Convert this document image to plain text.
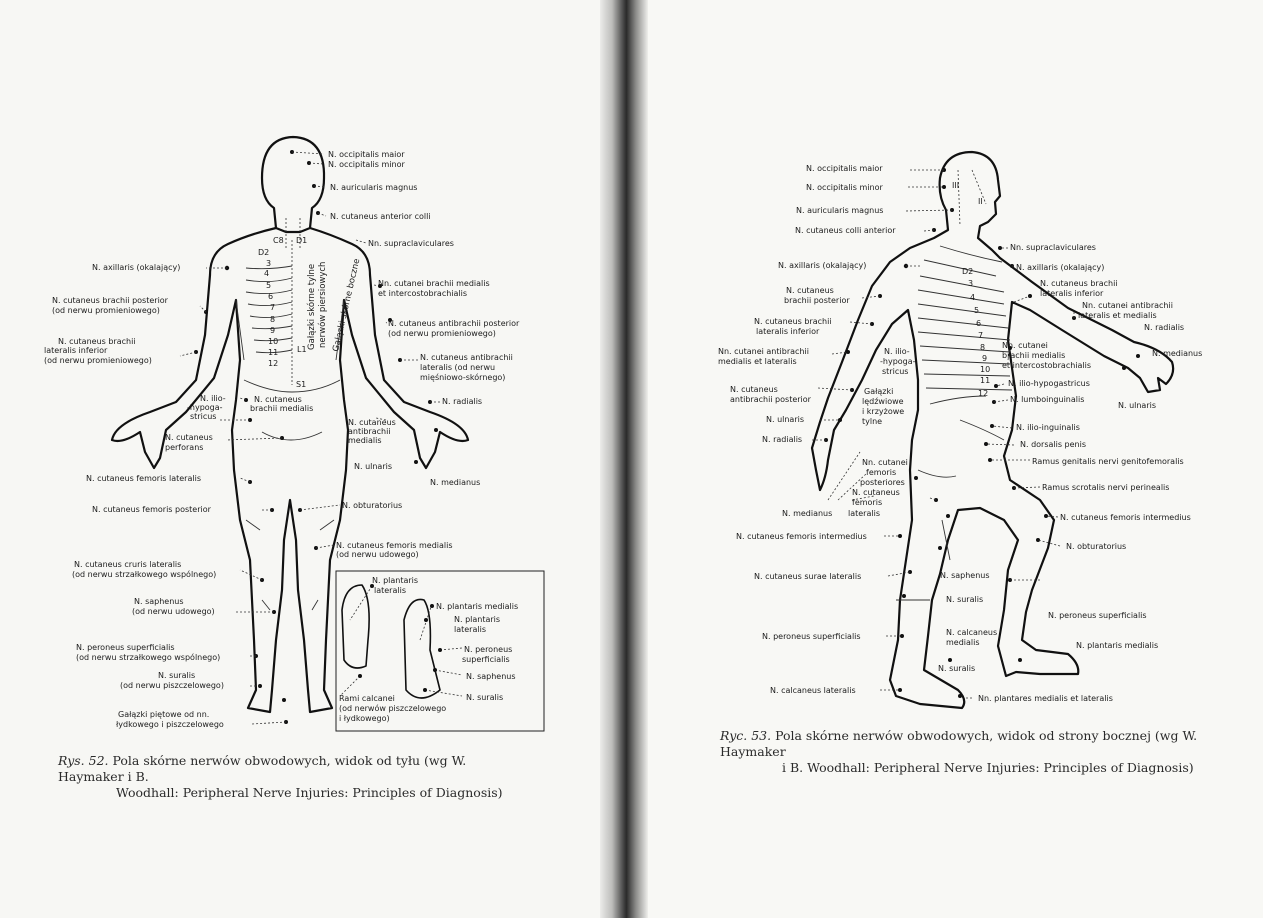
C8 D1
D2
3
4
5
6
7
8
9
10
11
12
L1
S1
Gałązki skórne tylne nerwów piersiowych Gałązki skórne boczne
N. occipitalis maior
N. occipitalis minor
N. auricularis magnus
N. cutaneus anterior colli
Nn. supraclaviculares
Nn. cutanei brachii medialis
et intercostobrachialis
N. cutaneus antibrachii posterior
(od nerwu promieniowego)
N. cutaneus antibrachii
lateralis (od nerwu
mięśniowo-skórnego)
N. radialis
N. cutaneus
antibrachii
medialis
N. ulnaris
N. medianus
N. obturatorius
N. cutaneus femoris medialis
(od nerwu udowego)
N. axillaris (okalający)
N. cutaneus brachii posterior
(od nerwu promieniowego)
N. cutaneus brachii
lateralis inferior
(od nerwu promieniowego)
N. ilio-
-hypoga-
stricus
N. cutaneus
brachii medialis
N. cutaneus
perforans
N. cutaneus femoris lateralis
N. cutaneus femoris posterior
N. cutaneus cruris lateralis
(od nerwu strzałkowego wspólnego)
N. saphenus
(od nerwu udowego)
N. peroneus superficialis
(od nerwu strzałkowego wspólnego)
N. suralis
(od nerwu piszczelowego)
Gałązki piętowe od nn.
łydkowego i piszczelowego
N. plantaris
lateralis
N. plantaris medialis
N. plantaris
lateralis
N. peroneus
superficialis
N. saphenus
N. suralis
Rami calcanei
(od nerwów piszczelowego
i łydkowego)
III
II
D2
3
4
5
6
7
8
9
10
11
12
N. occipitalis maior
N. occipitalis minor
N. auricularis magnus
N. cutaneus colli anterior
N. axillaris (okalający)
N. cutaneus
brachii posterior
N. cutaneus brachii
lateralis inferior
Nn. cutanei antibrachii
medialis et lateralis
N. cutaneus
antibrachii posterior
N. ulnaris
N. radialis
N. medianus lateralis
N. cutaneus femoris intermedius
N. cutaneus surae lateralis
N. peroneus superficialis
N. calcaneus lateralis
Nn. supraclaviculares
N. axillaris (okalający)
N. cutaneus brachii
lateralis inferior
Nn. cutanei antibrachii
lateralis et medialis
N. radialis
N. medianus
Nn. cutanei
brachii medialis
et intercostobrachialis
N. ilio-hypogastricus
N. lumboinguinalis
N. ulnaris
N. ilio-inguinalis
N. dorsalis penis
Ramus genitalis nervi genitofemoralis
Ramus scrotalis nervi perinealis
N. cutaneus femoris intermedius
N. obturatorius
N. peroneus superficialis
N. plantaris medialis
Nn. plantares medialis et lateralis
N. ilio-
-hypoga-
stricus
Gałązki
lędźwiowe
i krzyżowe
tylne
Nn. cutanei
femoris
posteriores
N. cutaneus
femoris
N. saphenus
N. suralis
N. calcaneus
medialis
N. suralis
Rys. 52. Pola skórne nerwów obwodowych, widok od tyłu (wg W. Haymaker i B.
Woodhall: Peripheral Nerve Injuries: Principles of Diagnosis)
Ryc. 53. Pola skórne nerwów obwodowych, widok od strony bocznej (wg W. Haymaker
i B. Woodhall: Peripheral Nerve Injuries: Principles of Diagnosis)
